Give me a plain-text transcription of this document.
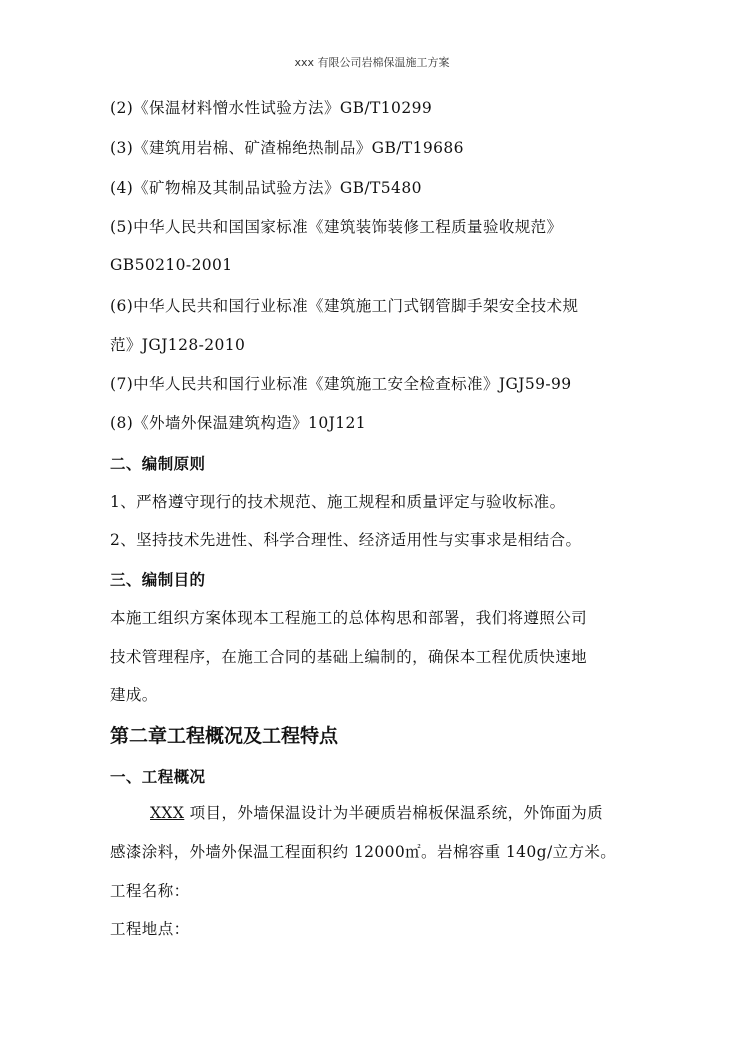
xxx 有限公司岩棉保温施工方案
(2)《保温材料憎水性试验方法》GB/T10299
(3)《建筑用岩棉、矿渣棉绝热制品》GB/T19686
(4)《矿物棉及其制品试验方法》GB/T5480
(5)中华人民共和国国家标准《建筑装饰装修工程质量验收规范》
GB50210-2001
(6)中华人民共和国行业标准《建筑施工门式钢管脚手架安全技术规
范》JGJ128-2010
(7)中华人民共和国行业标准《建筑施工安全检查标准》JGJ59-99
(8)《外墙外保温建筑构造》10J121
二、编制原则
1、严格遵守现行的技术规范、施工规程和质量评定与验收标准。
2、坚持技术先进性、科学合理性、经济适用性与实事求是相结合。
三、编制目的
本施工组织方案体现本工程施工的总体构思和部署，我们将遵照公司
技术管理程序，在施工合同的基础上编制的，确保本工程优质快速地
建成。
第二章工程概况及工程特点
一、工程概况
XXX 项目，外墙保温设计为半硬质岩棉板保温系统，外饰面为质
感漆涂料，外墙外保温工程面积约 12000㎡。岩棉容重 140g/立方米。
工程名称：
工程地点：
